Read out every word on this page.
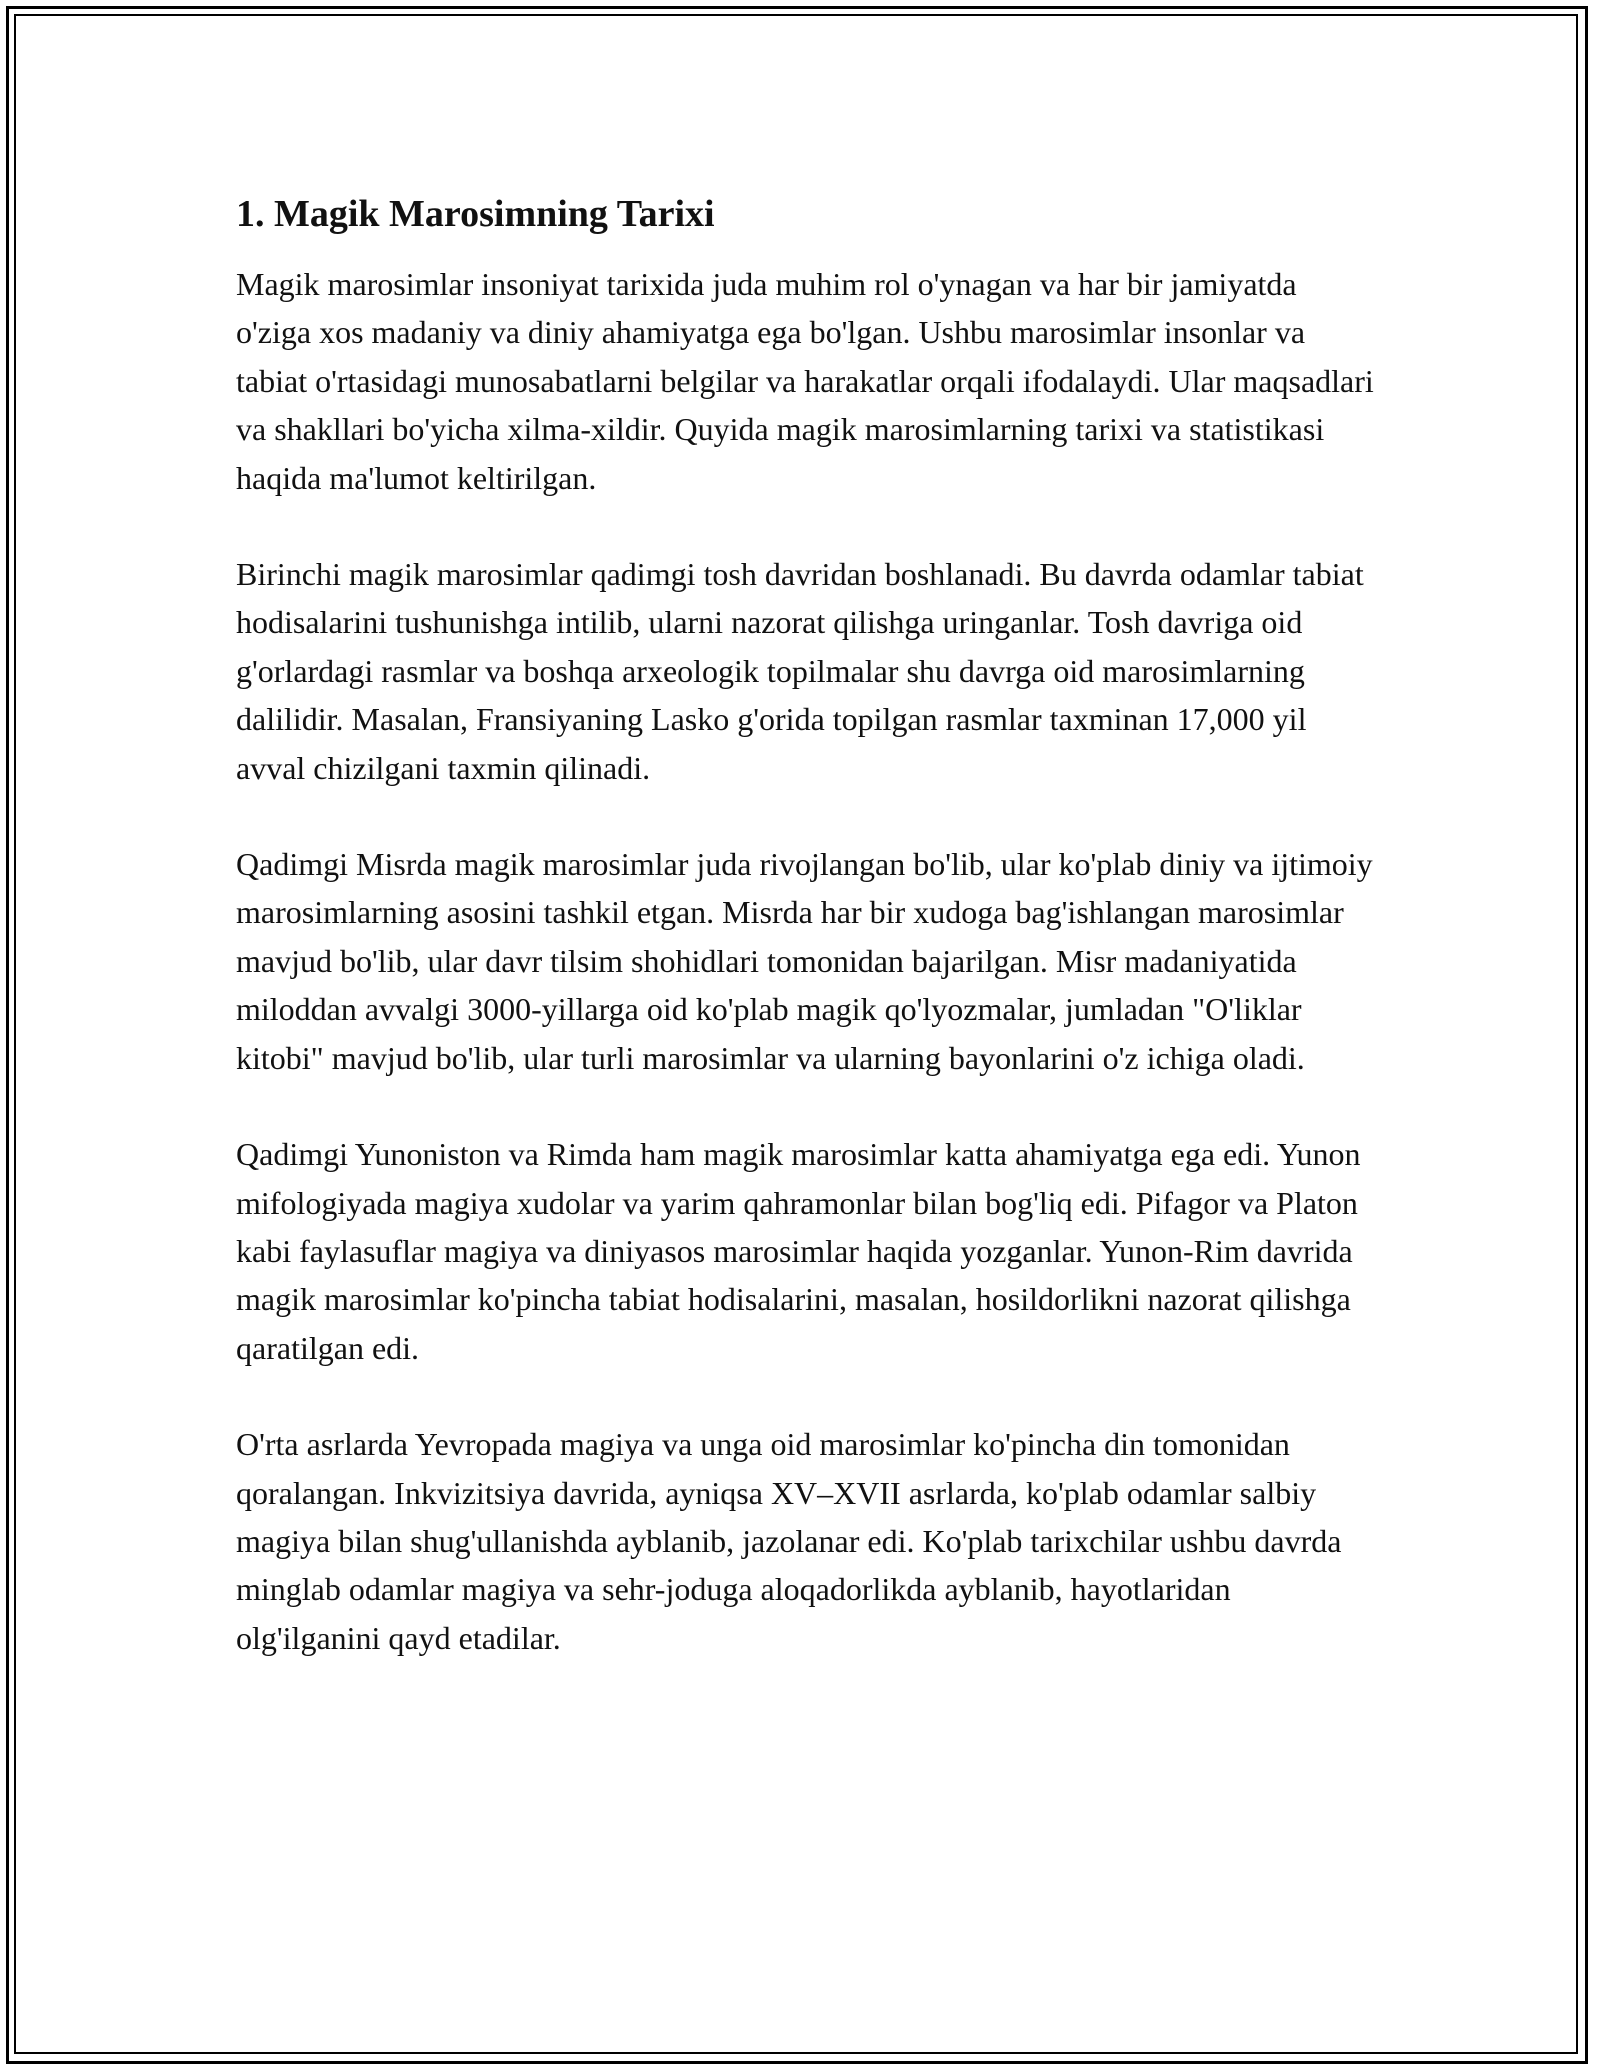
1. Magik Marosimning Tarixi

Magik marosimlar insoniyat tarixida juda muhim rol o'ynagan va har bir jamiyatda o'ziga xos madaniy va diniy ahamiyatga ega bo'lgan. Ushbu marosimlar insonlar va tabiat o'rtasidagi munosabatlarni belgilar va harakatlar orqali ifodalaydi. Ular maqsadlari va shakllari bo'yicha xilma-xildir. Quyida magik marosimlarning tarixi va statistikasi haqida ma'lumot keltirilgan.

Birinchi magik marosimlar qadimgi tosh davridan boshlanadi. Bu davrda odamlar tabiat hodisalarini tushunishga intilib, ularni nazorat qilishga uringanlar. Tosh davriga oid g'orlardagi rasmlar va boshqa arxeologik topilmalar shu davrga oid marosimlarning dalilidir. Masalan, Fransiyaning Lasko g'orida topilgan rasmlar taxminan 17,000 yil avval chizilgani taxmin qilinadi.

Qadimgi Misrda magik marosimlar juda rivojlangan bo'lib, ular ko'plab diniy va ijtimoiy marosimlarning asosini tashkil etgan. Misrda har bir xudoga bag'ishlangan marosimlar mavjud bo'lib, ular davr tilsim shohidlari tomonidan bajarilgan. Misr madaniyatida miloddan avvalgi 3000-yillarga oid ko'plab magik qo'lyozmalar, jumladan "O'liklar kitobi" mavjud bo'lib, ular turli marosimlar va ularning bayonlarini o'z ichiga oladi.

Qadimgi Yunoniston va Rimda ham magik marosimlar katta ahamiyatga ega edi. Yunon mifologiyada magiya xudolar va yarim qahramonlar bilan bog'liq edi. Pifagor va Platon kabi faylasuflar magiya va diniyasos marosimlar haqida yozganlar. Yunon-Rim davrida magik marosimlar ko'pincha tabiat hodisalarini, masalan, hosildorlikni nazorat qilishga qaratilgan edi.

O'rta asrlarda Yevropada magiya va unga oid marosimlar ko'pincha din tomonidan qoralangan. Inkvizitsiya davrida, ayniqsa XV–XVII asrlarda, ko'plab odamlar salbiy magiya bilan shug'ullanishda ayblanib, jazolanar edi. Ko'plab tarixchilar ushbu davrda minglab odamlar magiya va sehr-joduga aloqadorlikda ayblanib, hayotlaridan olg'ilganini qayd etadilar.
